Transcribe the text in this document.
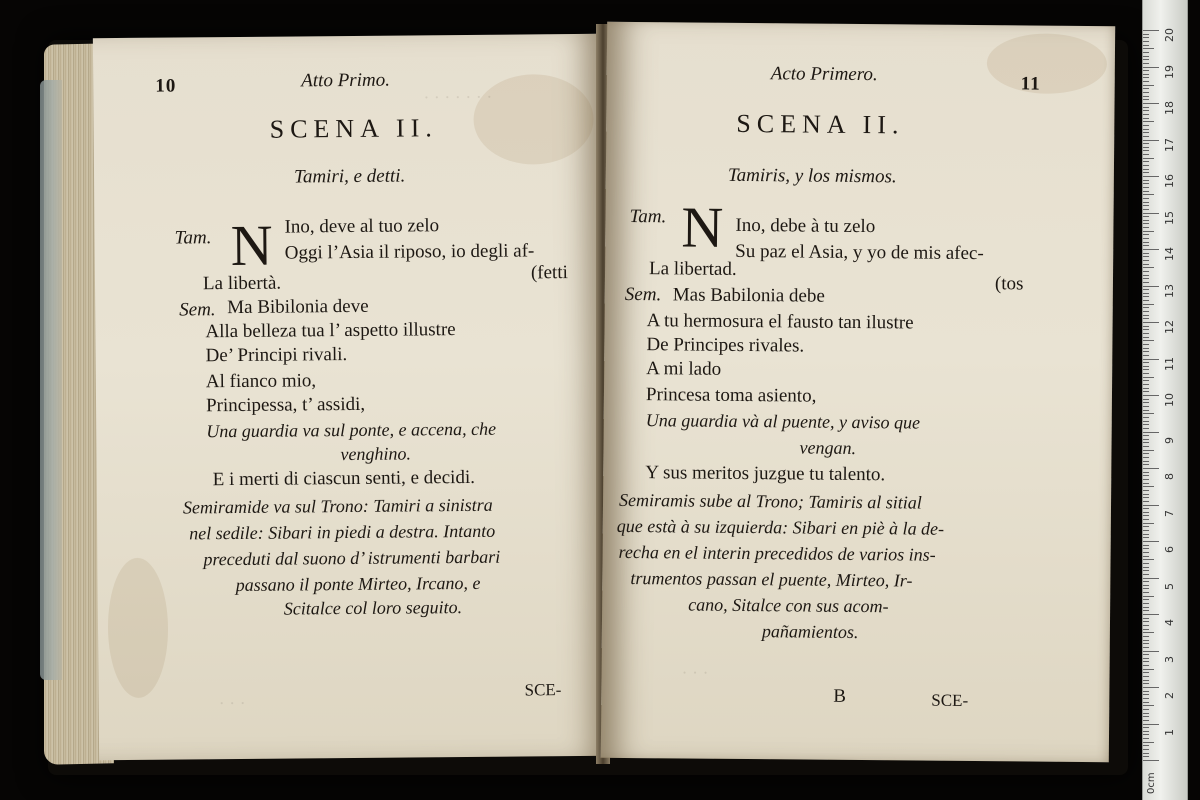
· · · · · · ·
· · ·
10	Atto Primo.
SCENA II.
Tamiri, e detti.
Tam. N Ino, deve al tuo zelo
Oggi l’Asia il riposo, io degli af-
(fetti
La libertà.
Sem. Ma Bibilonia deve
Alla belleza tua l’ aspetto illustre
De’ Principi rivali.
Al fianco mio,
Principessa, t’ assidi,
Una guardia va sul ponte, e accena, che
venghino.
E i merti di ciascun senti, e decidi.
Semiramide va sul Trono: Tamiri a sinistra
nel sedile: Sibari in piedi a destra. Intanto
preceduti dal suono d’ istrumenti barbari
passano il ponte Mirteo, Ircano, e
Scitalce col loro seguito.
SCE-
· · ·
Acto Primero.	11
SCENA II.
Tamiris, y los mismos.
Tam. N Ino, debe à tu zelo
Su paz el Asia, y yo de mis afec-
(tos
La libertad.
Sem. Mas Babilonia debe
A tu hermosura el fausto tan ilustre
De Principes rivales.
A mi lado
Princesa toma asiento,
Una guardia và al puente, y aviso que
vengan.
Y sus meritos juzgue tu talento.
Semiramis sube al Trono; Tamiris al sitial
que està à su izquierda: Sibari en piè à la de-
recha en el interin precedidos de varios ins-
trumentos passan el puente, Mirteo, Ir-
cano, Sitalce con sus acom-
pañamientos.
B	SCE-
0cm
1
2
3
4
5
6
7
8
9
10
11
12
13
14
15
16
17
18
19
20
